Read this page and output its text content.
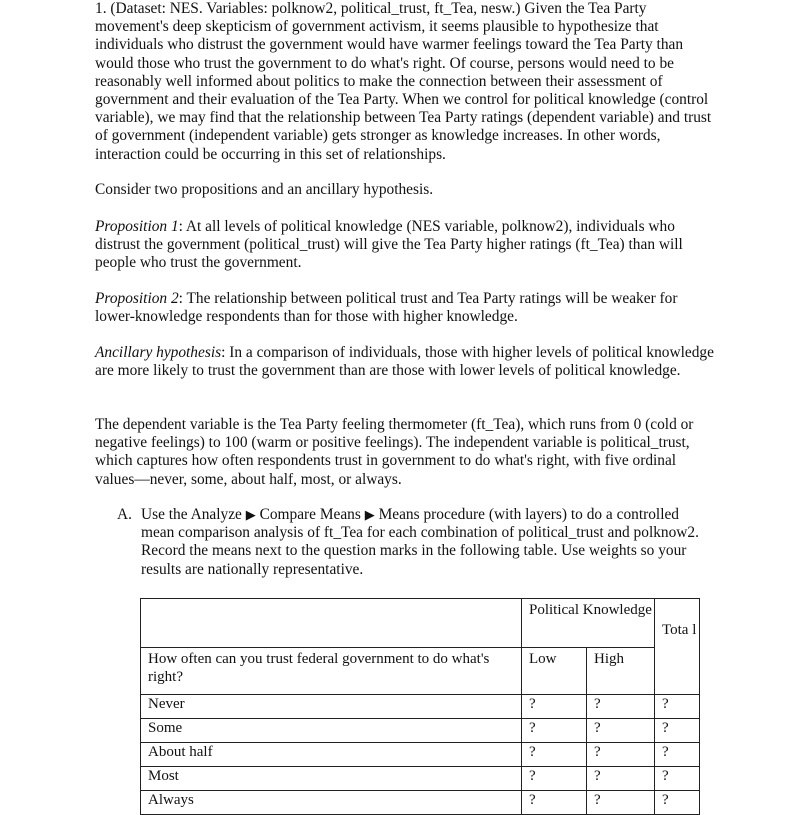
1. (Dataset: NES. Variables: polknow2, political_trust, ft_Tea, nesw.) Given the Tea Party movement's deep skepticism of government activism, it seems plausible to hypothesize that individuals who distrust the government would have warmer feelings toward the Tea Party than would those who trust the government to do what's right. Of course, persons would need to be reasonably well informed about politics to make the connection between their assessment of government and their evaluation of the Tea Party. When we control for political knowledge (control variable), we may find that the relationship between Tea Party ratings (dependent variable) and trust of government (independent variable) gets stronger as knowledge increases. In other words, interaction could be occurring in this set of relationships.

Consider two propositions and an ancillary hypothesis.

Proposition 1: At all levels of political knowledge (NES variable, polknow2), individuals who distrust the government (political_trust) will give the Tea Party higher ratings (ft_Tea) than will people who trust the government.

Proposition 2: The relationship between political trust and Tea Party ratings will be weaker for lower-knowledge respondents than for those with higher knowledge.

Ancillary hypothesis: In a comparison of individuals, those with higher levels of political knowledge are more likely to trust the government than are those with lower levels of political knowledge.

The dependent variable is the Tea Party feeling thermometer (ft_Tea), which runs from 0 (cold or negative feelings) to 100 (warm or positive feelings). The independent variable is political_trust, which captures how often respondents trust in government to do what's right, with five ordinal values—never, some, about half, most, or always.

A. Use the Analyze ▶ Compare Means ▶ Means procedure (with layers) to do a controlled mean comparison analysis of ft_Tea for each combination of political_trust and polknow2. Record the means next to the question marks in the following table. Use weights so your results are nationally representative.
	Political Knowledge		Tota l
How often can you trust federal government to do what's right?	Low	High	
Never	?	?	?
Some	?	?	?
About half	?	?	?
Most	?	?	?
Always	?	?	?
